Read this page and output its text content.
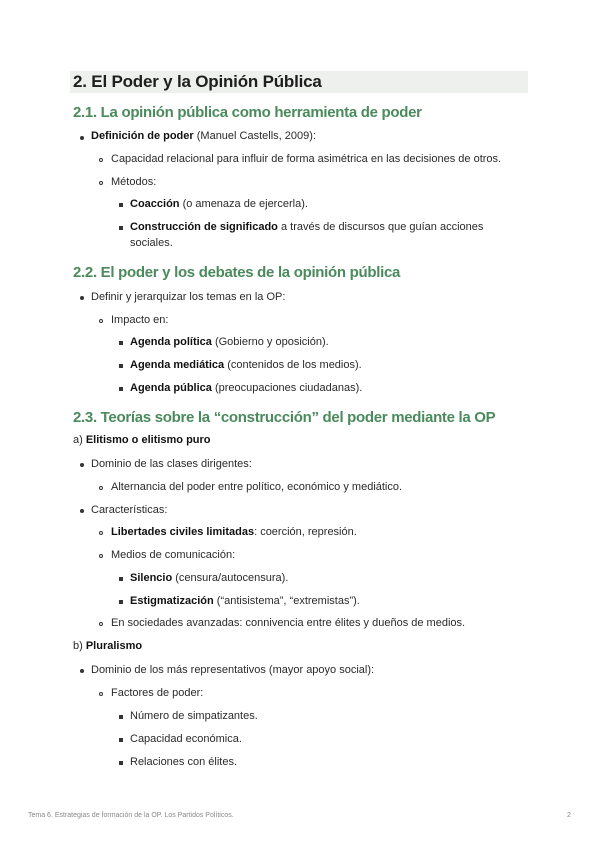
2. El Poder y la Opinión Pública
2.1. La opinión pública como herramienta de poder
Definición de poder (Manuel Castells, 2009):
Capacidad relacional para influir de forma asimétrica en las decisiones de otros.
Métodos:
Coacción (o amenaza de ejercerla).
Construcción de significado a través de discursos que guían acciones
sociales.
2.2. El poder y los debates de la opinión pública
Definir y jerarquizar los temas en la OP:
Impacto en:
Agenda política (Gobierno y oposición).
Agenda mediática (contenidos de los medios).
Agenda pública (preocupaciones ciudadanas).
2.3. Teorías sobre la “construcción” del poder mediante la OP
a) Elitismo o elitismo puro
Dominio de las clases dirigentes:
Alternancia del poder entre político, económico y mediático.
Características:
Libertades civiles limitadas: coerción, represión.
Medios de comunicación:
Silencio (censura/autocensura).
Estigmatización (“antisistema”, “extremistas”).
En sociedades avanzadas: connivencia entre élites y dueños de medios.
b) Pluralismo
Dominio de los más representativos (mayor apoyo social):
Factores de poder:
Número de simpatizantes.
Capacidad económica.
Relaciones con élites.
Tema 6. Estrategias de formación de la OP. Los Partidos Políticos.	2
